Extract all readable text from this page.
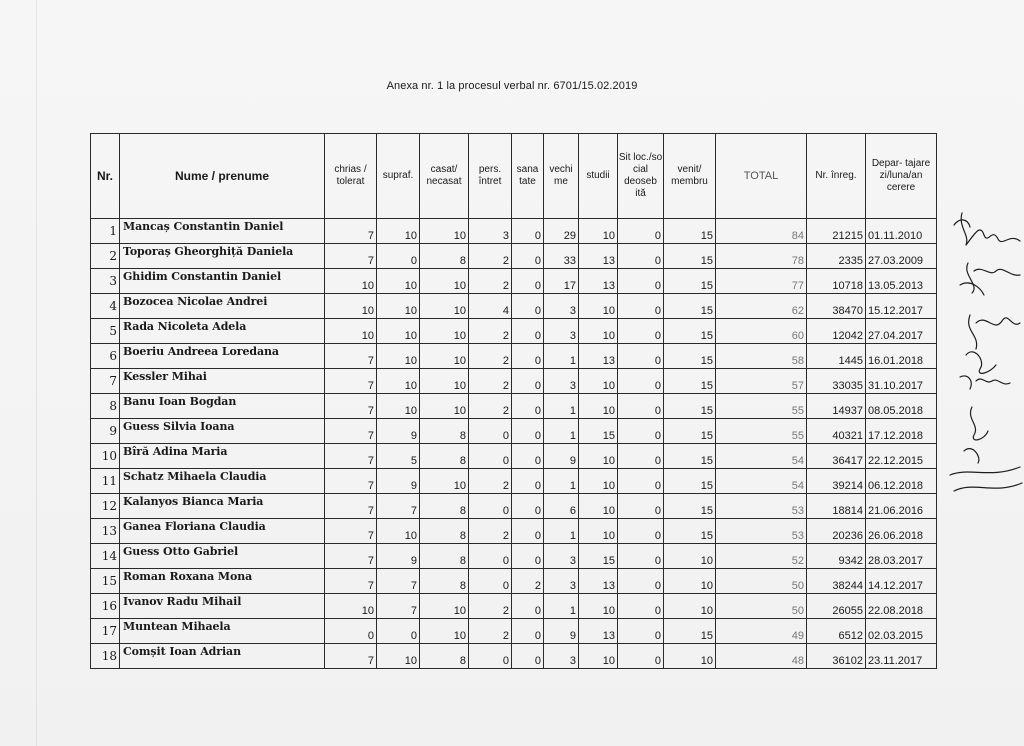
Anexa nr. 1 la procesul verbal nr. 6701/15.02.2019
Nr.	Nume / prenume	chrias / tolerat	supraf.	casat/ necasat	pers. întret	sana tate	vechi me	studii	Sit loc./so cial deoseb ită	venit/ membru	TOTAL	Nr. înreg.	Depar- tajare zi/luna/an cerere
1	Mancaș Constantin Daniel	7	10	10	3	0	29	10	0	15	84	21215	01.11.2010
2	Toporaș Gheorghiță Daniela	7	0	8	2	0	33	13	0	15	78	2335	27.03.2009
3	Ghidim Constantin Daniel	10	10	10	2	0	17	13	0	15	77	10718	13.05.2013
4	Bozocea Nicolae Andrei	10	10	10	4	0	3	10	0	15	62	38470	15.12.2017
5	Rada Nicoleta Adela	10	10	10	2	0	3	10	0	15	60	12042	27.04.2017
6	Boeriu Andreea Loredana	7	10	10	2	0	1	13	0	15	58	1445	16.01.2018
7	Kessler Mihai	7	10	10	2	0	3	10	0	15	57	33035	31.10.2017
8	Banu Ioan Bogdan	7	10	10	2	0	1	10	0	15	55	14937	08.05.2018
9	Guess Silvia Ioana	7	9	8	0	0	1	15	0	15	55	40321	17.12.2018
10	Bîră Adina Maria	7	5	8	0	0	9	10	0	15	54	36417	22.12.2015
11	Schatz Mihaela Claudia	7	9	10	2	0	1	10	0	15	54	39214	06.12.2018
12	Kalanyos Bianca Maria	7	7	8	0	0	6	10	0	15	53	18814	21.06.2016
13	Ganea Floriana Claudia	7	10	8	2	0	1	10	0	15	53	20236	26.06.2018
14	Guess Otto Gabriel	7	9	8	0	0	3	15	0	10	52	9342	28.03.2017
15	Roman Roxana Mona	7	7	8	0	2	3	13	0	10	50	38244	14.12.2017
16	Ivanov Radu Mihail	10	7	10	2	0	1	10	0	10	50	26055	22.08.2018
17	Muntean Mihaela	0	0	10	2	0	9	13	0	15	49	6512	02.03.2015
18	Comșit Ioan Adrian	7	10	8	0	0	3	10	0	10	48	36102	23.11.2017
